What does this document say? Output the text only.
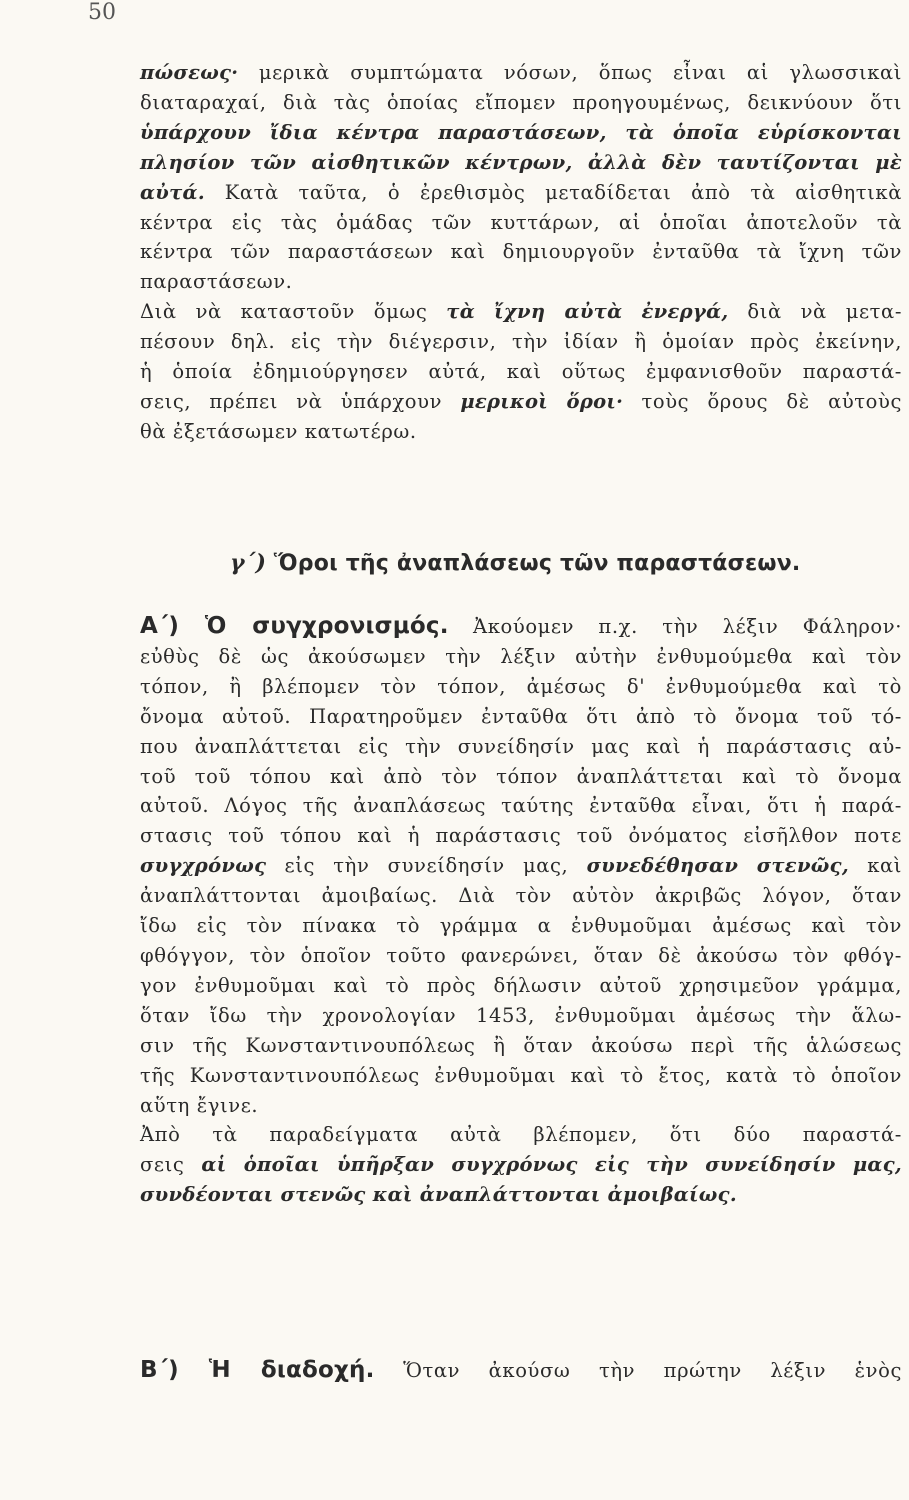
50

πώσεως· μερικὰ συμπτώματα νόσων, ὅπως εἶναι αἱ γλωσσικαὶ
διαταραχαί, διὰ τὰς ὁποίας εἴπομεν προηγουμένως, δεικνύουν ὅτι
ὑπάρχουν ἴδια κέντρα παραστάσεων, τὰ ὁποῖα εὑρίσκονται
πλησίον τῶν αἰσθητικῶν κέντρων, ἀλλὰ δὲν ταυτίζονται μὲ
αὐτά. Κατὰ ταῦτα, ὁ ἐρεθισμὸς μεταδίδεται ἀπὸ τὰ αἰσθητικὰ
κέντρα εἰς τὰς ὁμάδας τῶν κυττάρων, αἱ ὁποῖαι ἀποτελοῦν τὰ
κέντρα τῶν παραστάσεων καὶ δημιουργοῦν ἐνταῦθα τὰ ἴχνη τῶν
παραστάσεων.

Διὰ νὰ καταστοῦν ὅμως τὰ ἴχνη αὐτὰ ἐνεργά, διὰ νὰ μετα-
πέσουν δηλ. εἰς τὴν διέγερσιν, τὴν ἰδίαν ἢ ὁμοίαν πρὸς ἐκείνην,
ἡ ὁποία ἐδημιούργησεν αὐτά, καὶ οὕτως ἐμφανισθοῦν παραστά-
σεις, πρέπει νὰ ὑπάρχουν μερικοὶ ὅροι· τοὺς ὅρους δὲ αὐτοὺς
θὰ ἐξετάσωμεν κατωτέρω.

γ΄) Ὅροι τῆς ἀναπλάσεως τῶν παραστάσεων.
Α΄) Ὁ συγχρονισμός. Ἀκούομεν π.χ. τὴν λέξιν Φάληρον·
εὐθὺς δὲ ὡς ἀκούσωμεν τὴν λέξιν αὐτὴν ἐνθυμούμεθα καὶ τὸν
τόπον, ἢ βλέπομεν τὸν τόπον, ἀμέσως δ' ἐνθυμούμεθα καὶ τὸ
ὄνομα αὐτοῦ. Παρατηροῦμεν ἐνταῦθα ὅτι ἀπὸ τὸ ὄνομα τοῦ τό-
που ἀναπλάττεται εἰς τὴν συνείδησίν μας καὶ ἡ παράστασις αὐ-
τοῦ τοῦ τόπου καὶ ἀπὸ τὸν τόπον ἀναπλάττεται καὶ τὸ ὄνομα
αὐτοῦ. Λόγος τῆς ἀναπλάσεως ταύτης ἐνταῦθα εἶναι, ὅτι ἡ παρά-
στασις τοῦ τόπου καὶ ἡ παράστασις τοῦ ὀνόματος εἰσῆλθον ποτε
συγχρόνως εἰς τὴν συνείδησίν μας, συνεδέθησαν στενῶς, καὶ
ἀναπλάττονται ἀμοιβαίως. Διὰ τὸν αὐτὸν ἀκριβῶς λόγον, ὅταν
ἴδω εἰς τὸν πίνακα τὸ γράμμα α ἐνθυμοῦμαι ἀμέσως καὶ τὸν
φθόγγον, τὸν ὁποῖον τοῦτο φανερώνει, ὅταν δὲ ἀκούσω τὸν φθόγ-
γον ἐνθυμοῦμαι καὶ τὸ πρὸς δήλωσιν αὐτοῦ χρησιμεῦον γράμμα,
ὅταν ἴδω τὴν χρονολογίαν 1453, ἐνθυμοῦμαι ἀμέσως τὴν ἅλω-
σιν τῆς Κωνσταντινουπόλεως ἢ ὅταν ἀκούσω περὶ τῆς ἁλώσεως
τῆς Κωνσταντινουπόλεως ἐνθυμοῦμαι καὶ τὸ ἔτος, κατὰ τὸ ὁποῖον
αὕτη ἔγινε.
Ἀπὸ τὰ παραδείγματα αὐτὰ βλέπομεν, ὅτι δύο παραστά-
σεις αἱ ὁποῖαι ὑπῆρξαν συγχρόνως εἰς τὴν συνείδησίν μας,
συνδέονται στενῶς καὶ ἀναπλάττονται ἀμοιβαίως.
Β΄) Ἡ διαδοχή. Ὅταν ἀκούσω τὴν πρώτην λέξιν ἑνὸς
